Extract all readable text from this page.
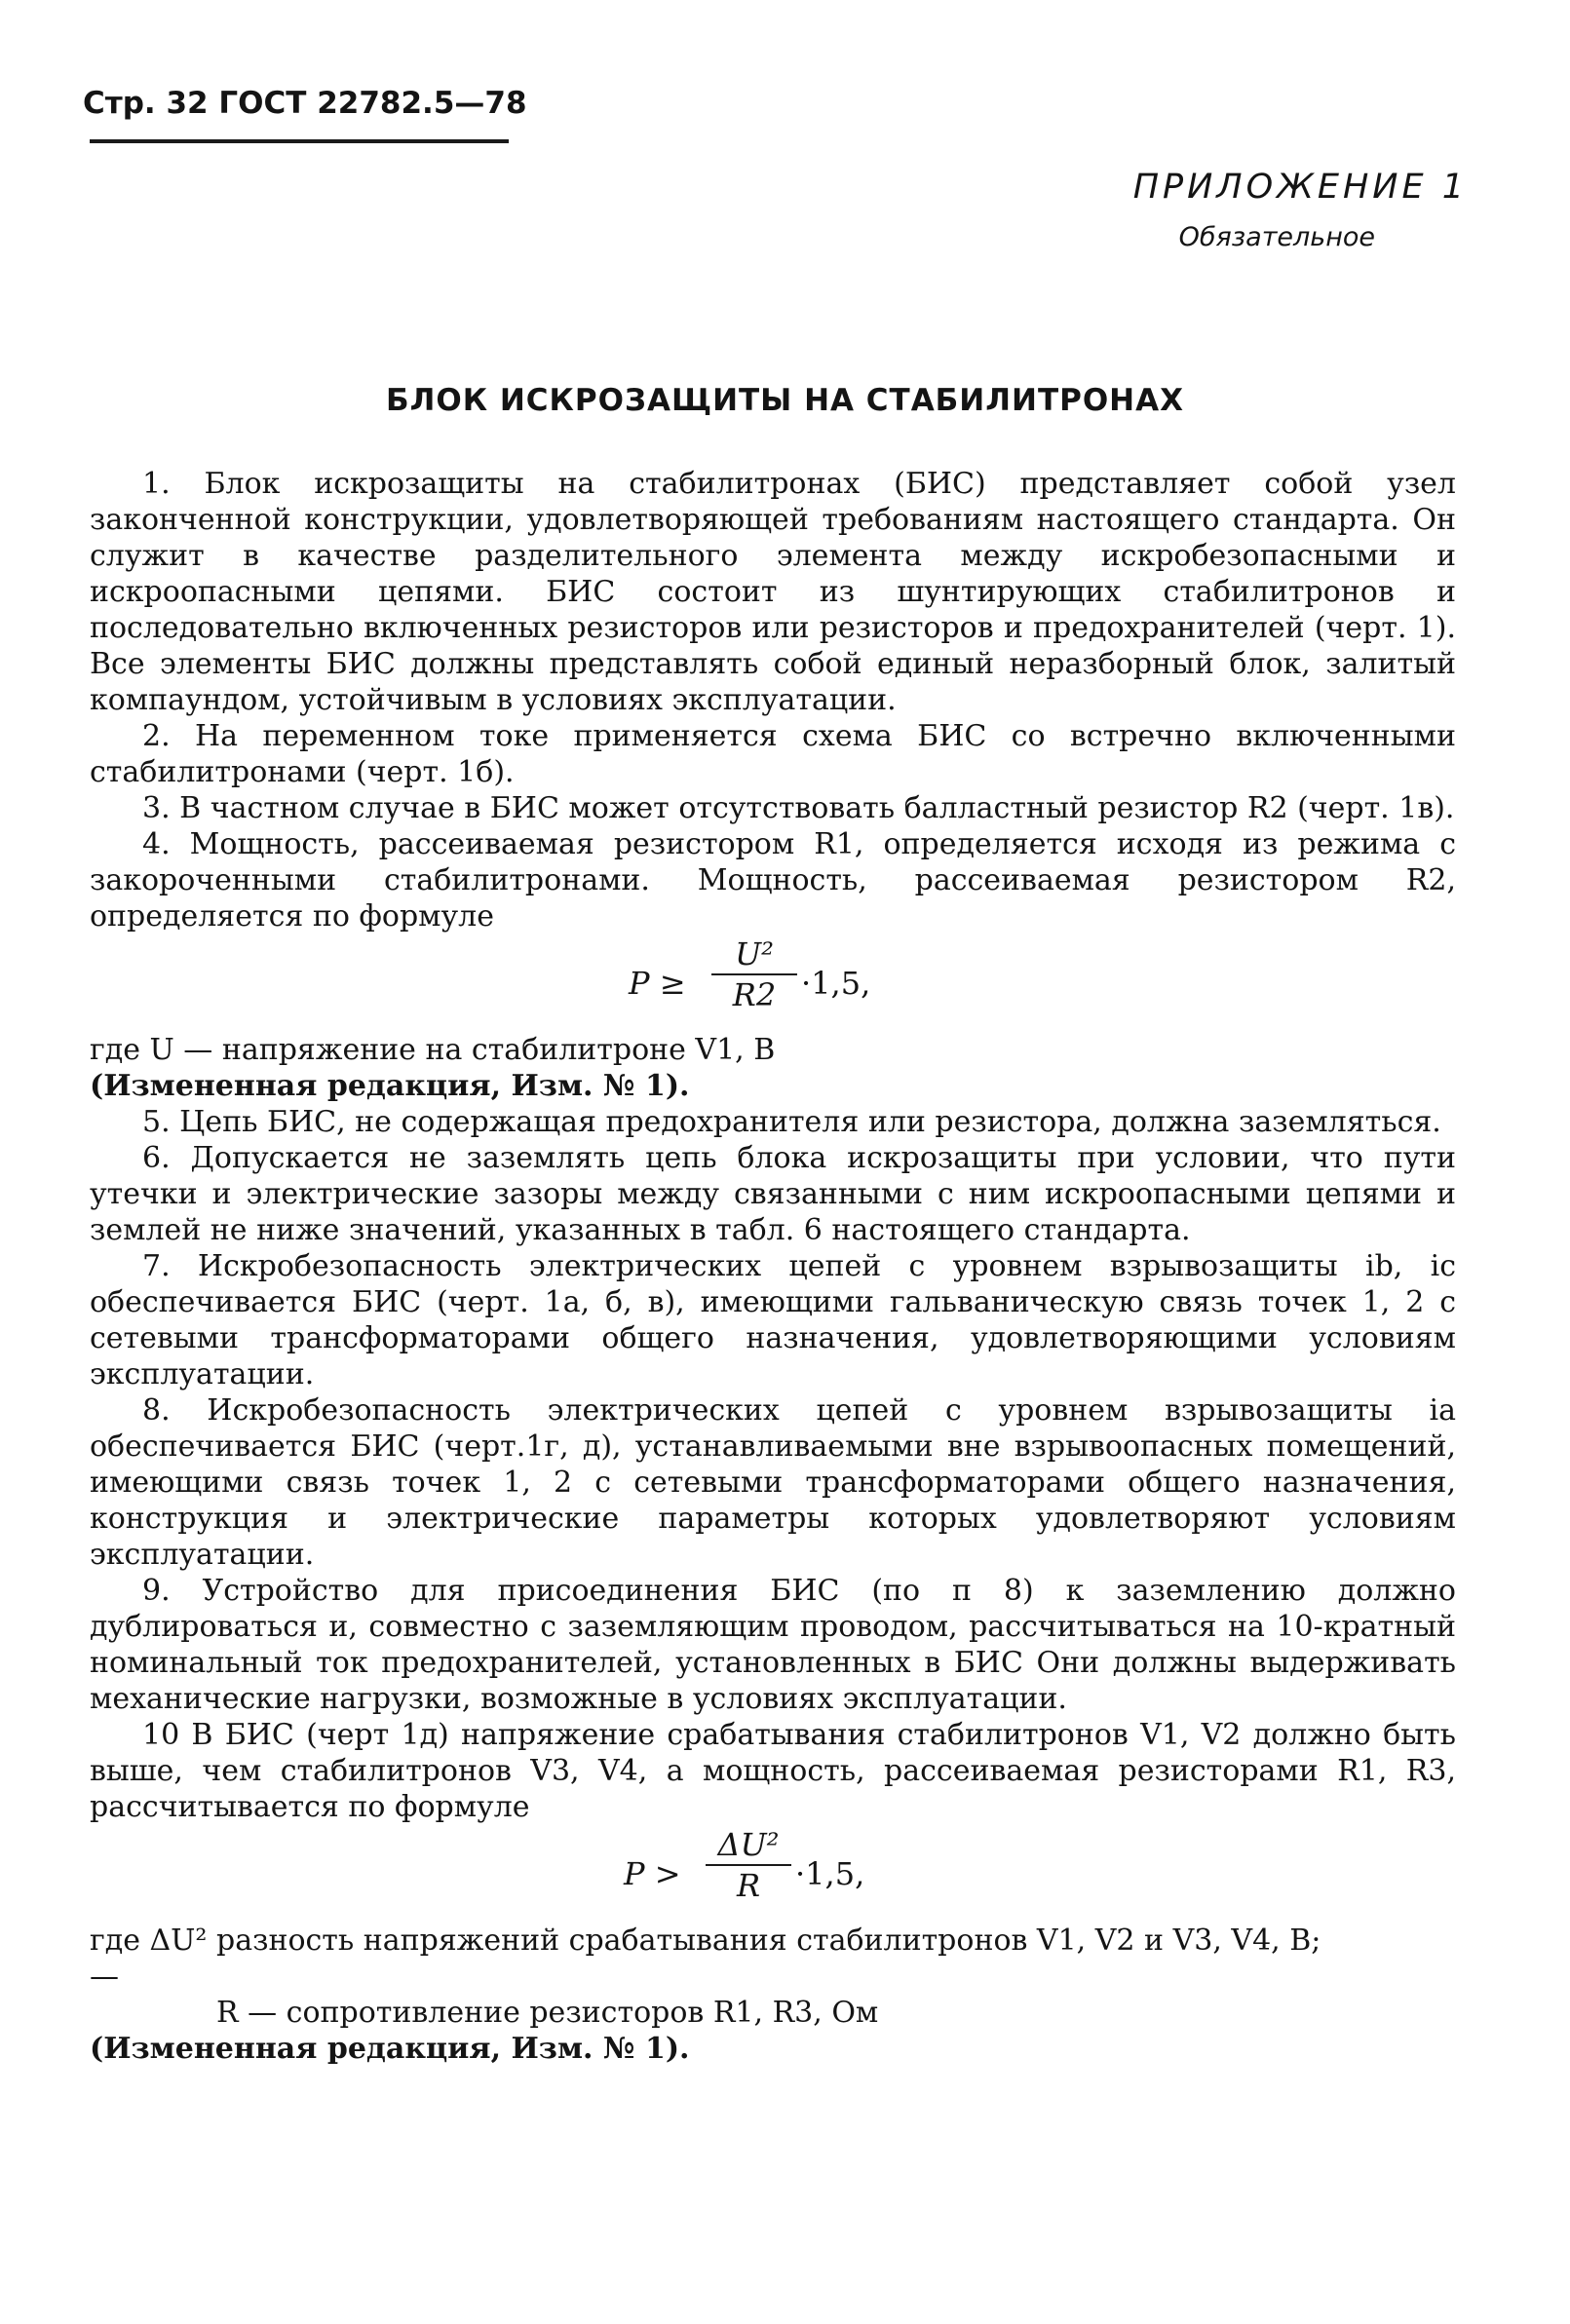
Стр. 32 ГОСТ 22782.5—78
ПРИЛОЖЕНИЕ 1
Обязательное
БЛОК ИСКРОЗАЩИТЫ НА СТАБИЛИТРОНАХ

1. Блок искрозащиты на стабилитронах (БИС) представляет собой узел законченной конструкции, удовлетворяющей требованиям настоящего стандарта. Он служит в качестве разделительного элемента между искробезопасными и искроопасными цепями. БИС состоит из шунтирующих стабилитронов и последовательно включенных резисторов или резисторов и предохранителей (черт. 1). Все элементы БИС должны представлять собой единый неразборный блок, залитый компаундом, устойчивым в условиях эксплуатации.

2. На переменном токе применяется схема БИС со встречно включенными стабилитронами (черт. 1б).

3. В частном случае в БИС может отсутствовать балластный резистор R2 (черт. 1в).

4. Мощность, рассеиваемая резистором R1, определяется исходя из режима с закороченными стабилитронами. Мощность, рассеиваемая резистором R2, определяется по формуле

P ≥
U²
R2 ·1,5,

где U — напряжение на стабилитроне V1, В

(Измененная редакция, Изм. № 1).

5. Цепь БИС, не содержащая предохранителя или резистора, должна заземляться.

6. Допускается не заземлять цепь блока искрозащиты при условии, что пути утечки и электрические зазоры между связанными с ним искроопасными цепями и землей не ниже значений, указанных в табл. 6 настоящего стандарта.

7. Искробезопасность электрических цепей с уровнем взрывозащиты ib, ic обеспечивается БИС (черт. 1а, б, в), имеющими гальваническую связь точек 1, 2 с сетевыми трансформаторами общего назначения, удовлетворяющими условиям эксплуатации.

8. Искробезопасность электрических цепей с уровнем взрывозащиты ia обеспечивается БИС (черт.1г, д), устанавливаемыми вне взрывоопасных помещений, имеющими связь точек 1, 2 с сетевыми трансформаторами общего назначения, конструкция и электрические параметры которых удовлетворяют условиям эксплуатации.

9. Устройство для присоединения БИС (по п 8) к заземлению должно дублироваться и, совместно с заземляющим проводом, рассчитываться на 10-кратный номинальный ток предохранителей, установленных в БИС Они должны выдерживать механические нагрузки, возможные в условиях эксплуатации.

10 В БИС (черт 1д) напряжение срабатывания стабилитронов V1, V2 должно быть выше, чем стабилитронов V3, V4, а мощность, рассеиваемая резисторами R1, R3, рассчитывается по формуле

P >
ΔU²
R	·1,5,
где ΔU² —
разность напряжений срабатывания стабилитронов V1, V2 и V3, V4, В;

R — сопротивление резисторов R1, R3, Ом

(Измененная редакция, Изм. № 1).
